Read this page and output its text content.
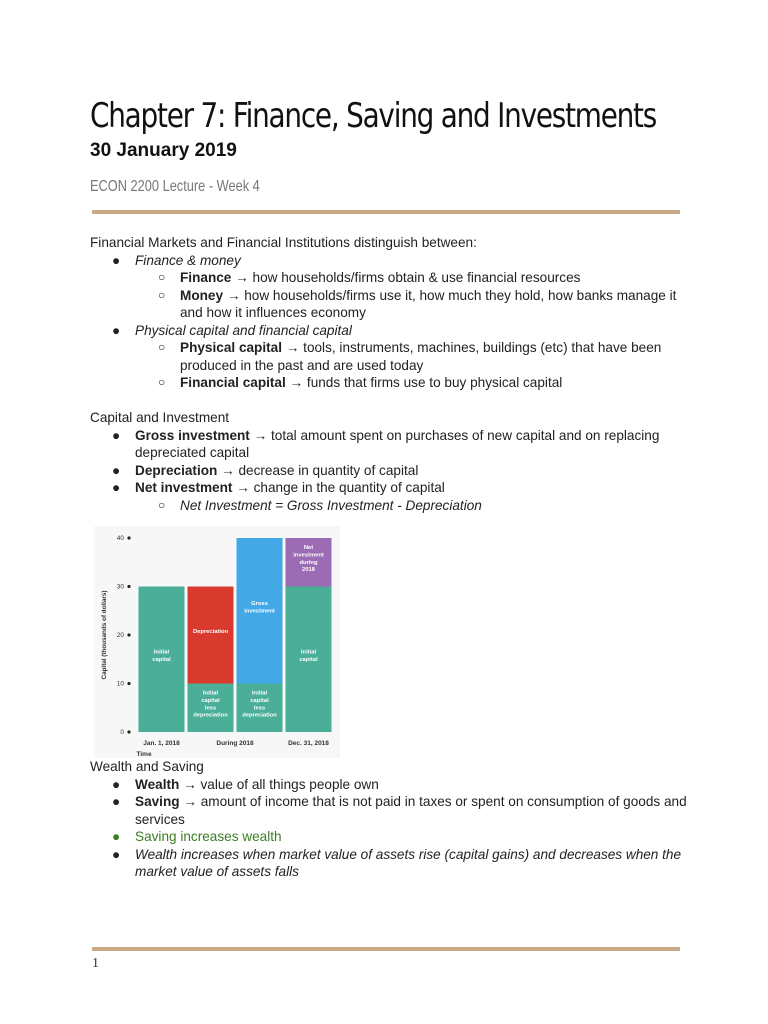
Chapter 7: Finance, Saving and Investments
30 January 2019
ECON 2200 Lecture - Week 4

Financial Markets and Financial Institutions distinguish between:

● Finance & money
○ Finance → how households/firms obtain & use financial resources
○ Money → how households/firms use it, how much they hold, how banks manage it and how it influences economy
● Physical capital and financial capital
○ Physical capital → tools, instruments, machines, buildings (etc) that have been produced in the past and are used today
○ Financial capital → funds that firms use to buy physical capital

Capital and Investment

● Gross investment → total amount spent on purchases of new capital and on replacing depreciated capital
● Depreciation → decrease in quantity of capital
● Net investment → change in the quantity of capital
○ Net Investment = Gross Investment - Depreciation
0
10
20
30
40
Capital (thousands of dollars)	Initial capital
Initial capital less depreciation
Depreciation
Initial capital less depreciation
Gross investment
Initial capital
Net investment during 2018
Jan. 1, 2018	During 2018	Dec. 31, 2018
Time

Wealth and Saving

● Wealth → value of all things people own
● Saving → amount of income that is not paid in taxes or spent on consumption of goods and services
● Saving increases wealth
● Wealth increases when market value of assets rise (capital gains) and decreases when the market value of assets falls
1
